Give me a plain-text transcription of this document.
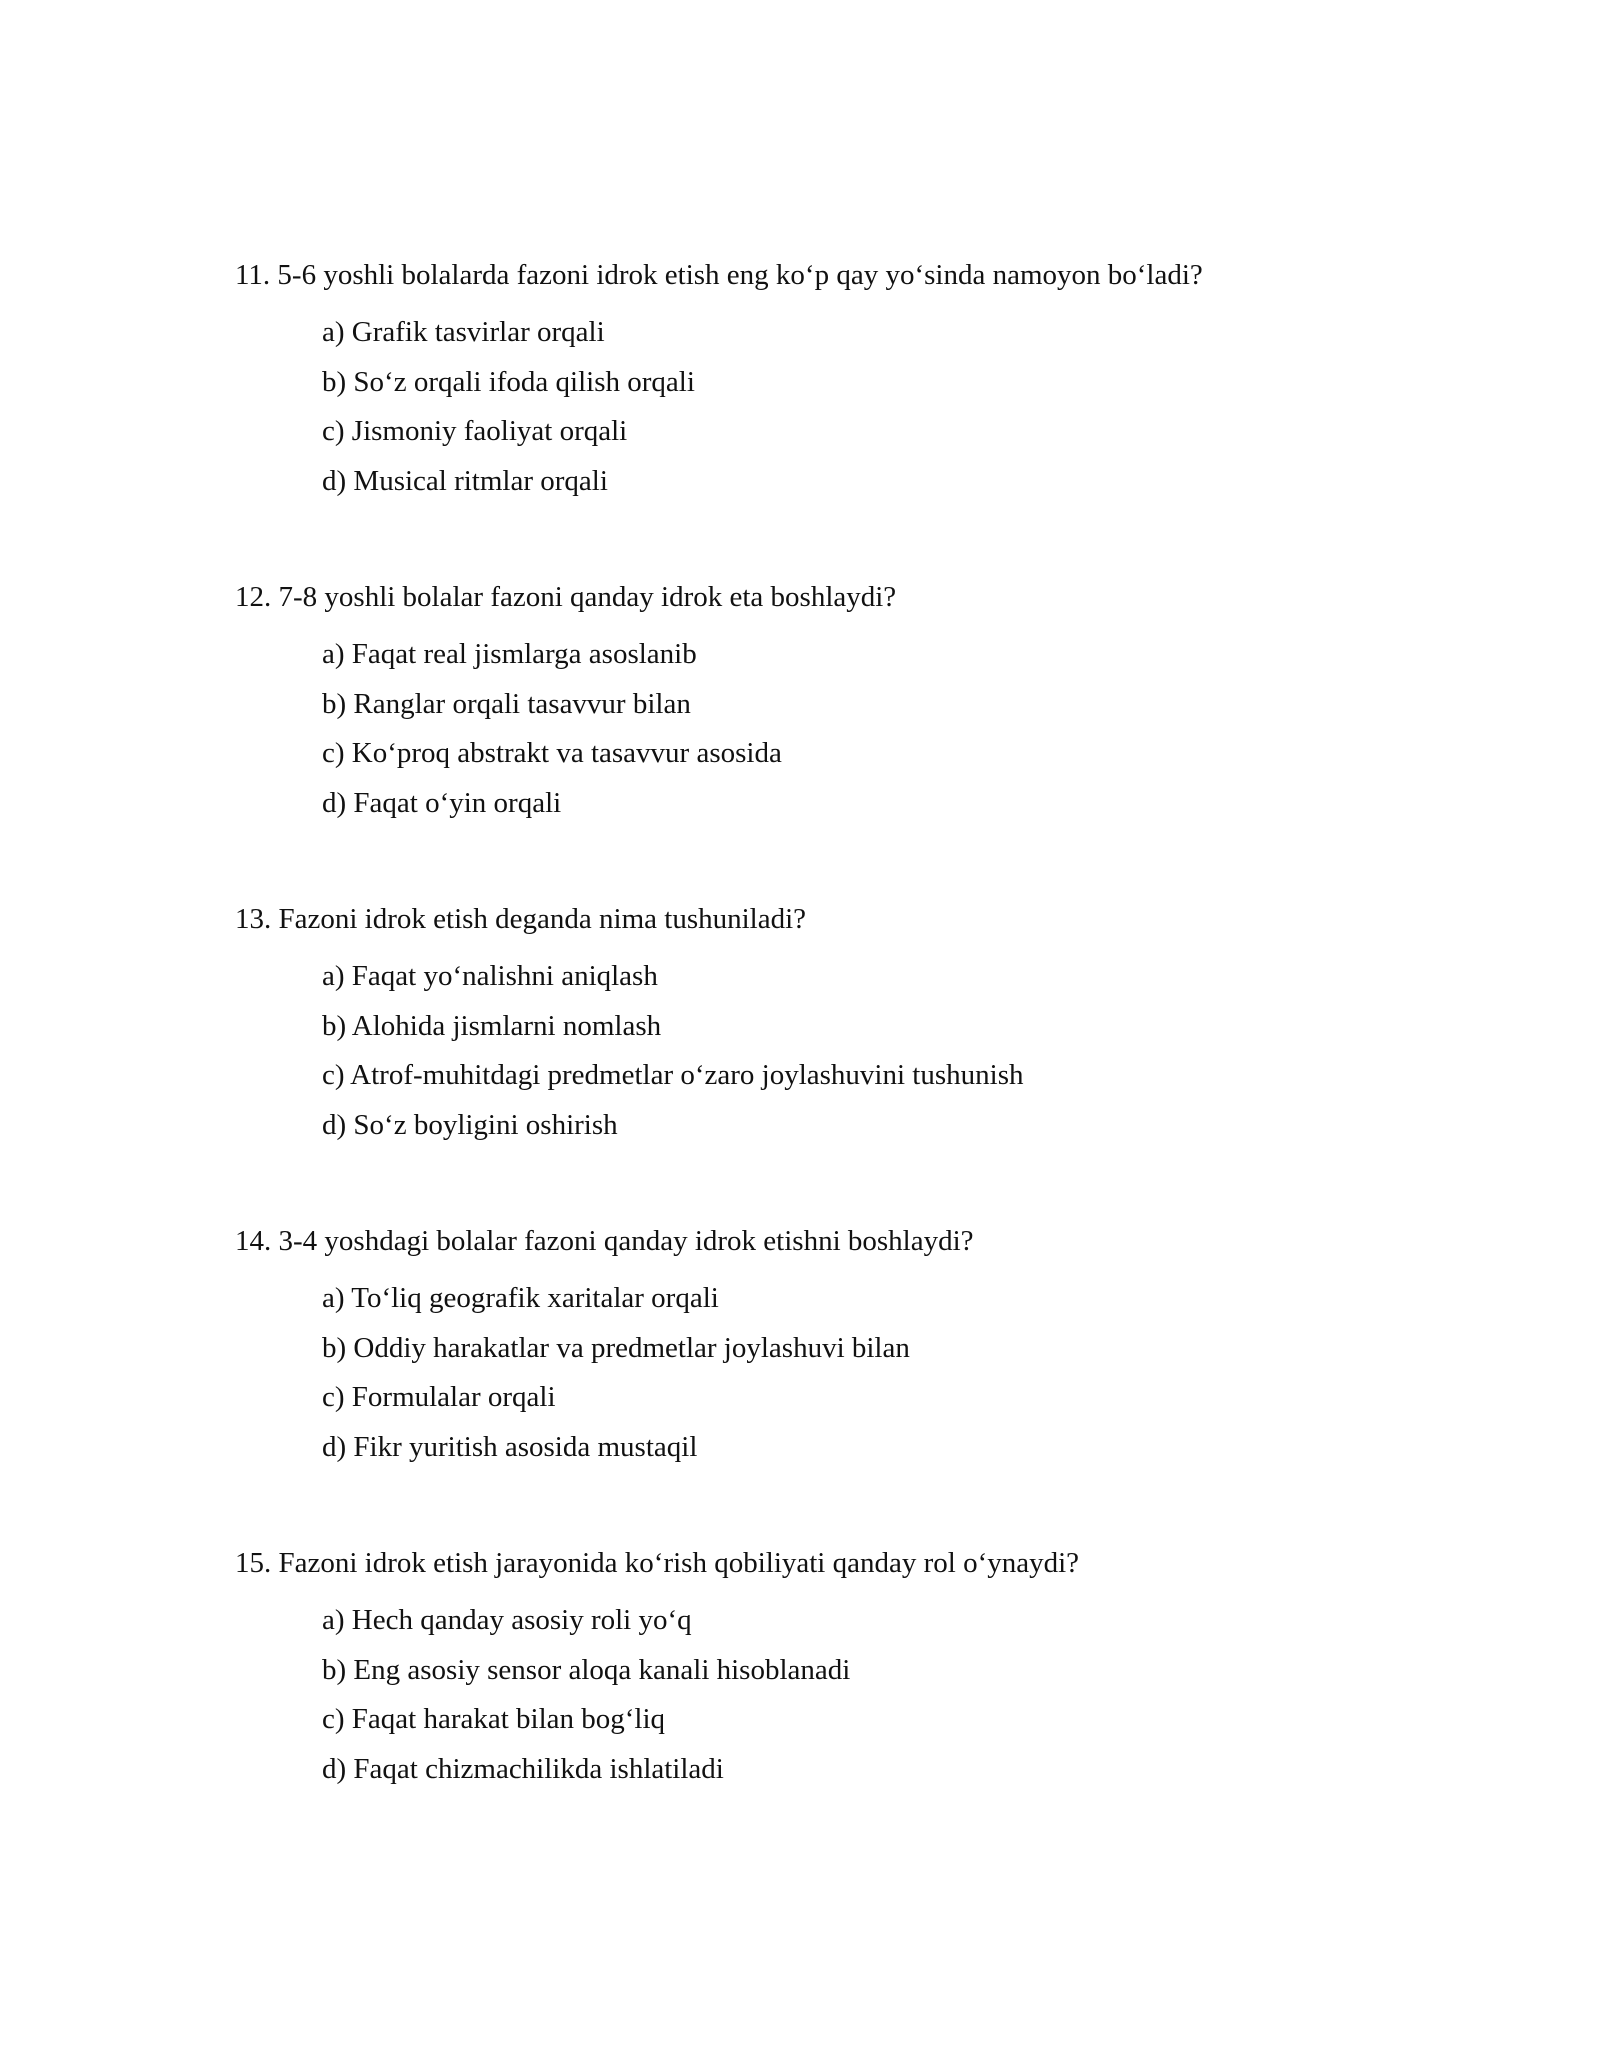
11. 5-6 yoshli bolalarda fazoni idrok etish eng ko‘p qay yo‘sinda namoyon bo‘ladi?

a) Grafik tasvirlar orqali
b) So‘z orqali ifoda qilish orqali
c) Jismoniy faoliyat orqali
d) Musical ritmlar orqali

12. 7-8 yoshli bolalar fazoni qanday idrok eta boshlaydi?

a) Faqat real jismlarga asoslanib
b) Ranglar orqali tasavvur bilan
c) Ko‘proq abstrakt va tasavvur asosida
d) Faqat o‘yin orqali

13. Fazoni idrok etish deganda nima tushuniladi?

a) Faqat yo‘nalishni aniqlash
b) Alohida jismlarni nomlash
c) Atrof-muhitdagi predmetlar o‘zaro joylashuvini tushunish
d) So‘z boyligini oshirish

14. 3-4 yoshdagi bolalar fazoni qanday idrok etishni boshlaydi?

a) To‘liq geografik xaritalar orqali
b) Oddiy harakatlar va predmetlar joylashuvi bilan
c) Formulalar orqali
d) Fikr yuritish asosida mustaqil

15. Fazoni idrok etish jarayonida ko‘rish qobiliyati qanday rol o‘ynaydi?

a) Hech qanday asosiy roli yo‘q
b) Eng asosiy sensor aloqa kanali hisoblanadi
c) Faqat harakat bilan bog‘liq
d) Faqat chizmachilikda ishlatiladi
